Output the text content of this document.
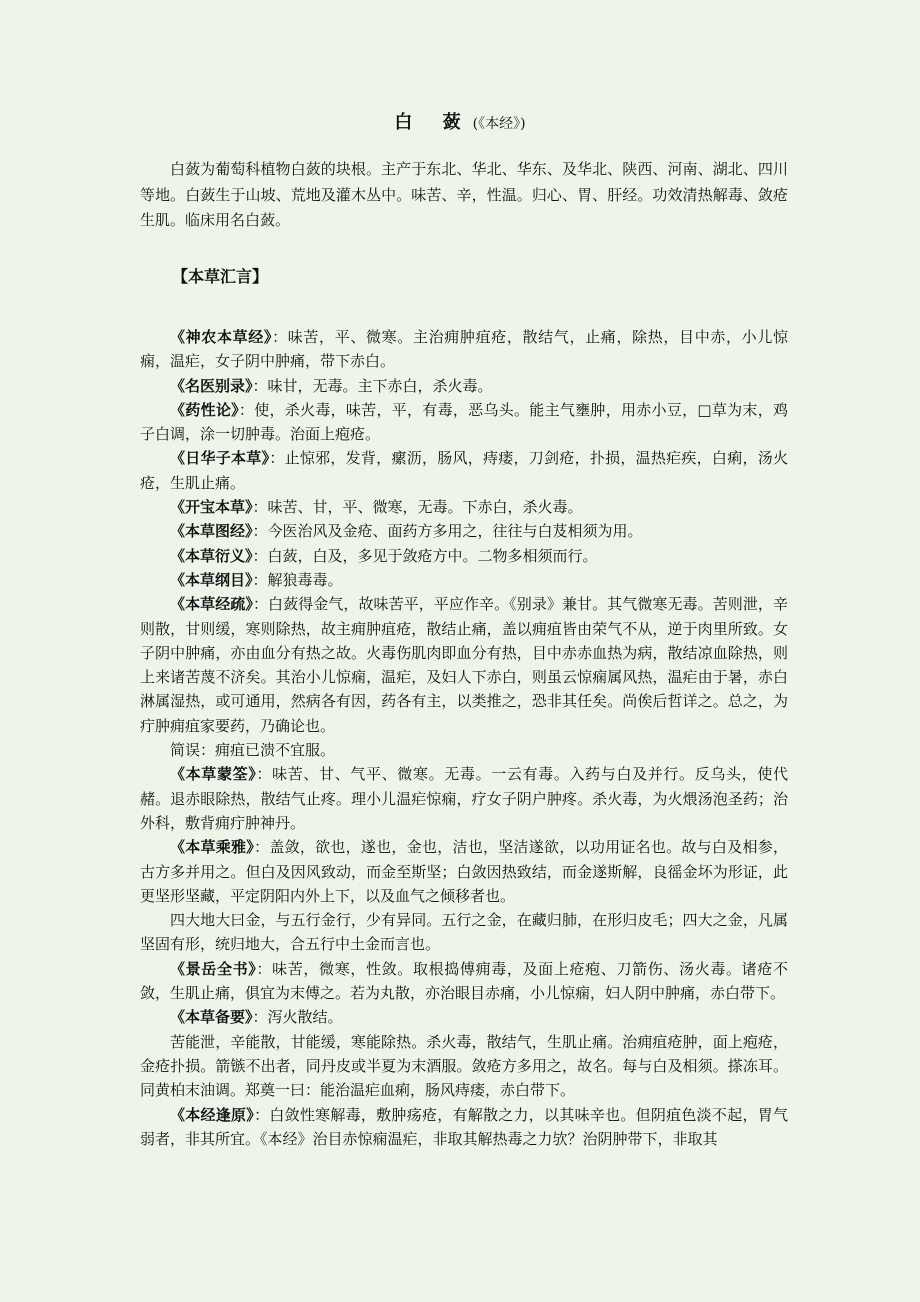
白 蔹(《本经》)

白蔹为葡萄科植物白蔹的块根。主产于东北、华北、华东、及华北、陕西、河南、湖北、四川等地。白蔹生于山坡、荒地及灌木丛中。味苦、辛，性温。归心、胃、肝经。功效清热解毒、敛疮生肌。临床用名白蔹。

【本草汇言】

《神农本草经》：味苦，平、微寒。主治痈肿疽疮，散结气，止痛，除热，目中赤，小儿惊痫，温疟，女子阴中肿痛，带下赤白。

《名医别录》：味甘，无毒。主下赤白，杀火毒。

《药性论》：使，杀火毒，味苦，平，有毒，恶乌头。能主气壅肿，用赤小豆，□草为末，鸡子白调，涂一切肿毒。治面上疱疮。

《日华子本草》：止惊邪，发背，瘰沥，肠风，痔瘘，刀剑疮，扑损，温热疟疾，白痢，汤火疮，生肌止痛。

《开宝本草》：味苦、甘，平、微寒，无毒。下赤白，杀火毒。

《本草图经》：今医治风及金疮、面药方多用之，往往与白芨相须为用。

《本草衍义》：白蔹，白及，多见于敛疮方中。二物多相须而行。

《本草纲目》：解狼毒毒。

《本草经疏》：白蔹得金气，故味苦平，平应作辛。《别录》兼甘。其气微寒无毒。苦则泄，辛则散，甘则缓，寒则除热，故主痈肿疽疮，散结止痛，盖以痈疽皆由荣气不从，逆于肉里所致。女子阴中肿痛，亦由血分有热之故。火毒伤肌肉即血分有热，目中赤赤血热为病，散结凉血除热，则上来诸苦蔑不济矣。其治小儿惊痫，温疟，及妇人下赤白，则虽云惊痫属风热，温疟由于暑，赤白淋属湿热，或可通用，然病各有因，药各有主，以类推之，恐非其任矣。尚俟后哲详之。总之，为疔肿痈疽家要药，乃确论也。

简误：痈疽已溃不宜服。

《本草蒙筌》：味苦、甘、气平、微寒。无毒。一云有毒。入药与白及并行。反乌头，使代赭。退赤眼除热，散结气止疼。理小儿温疟惊痫，疗女子阴户肿疼。杀火毒，为火煨汤泡圣药；治外科，敷背痈疔肿神丹。

《本草乘雅》：盖敛，欲也，遂也，金也，洁也，坚洁遂欲，以功用证名也。故与白及相参，古方多并用之。但白及因风致动，而金至斯坚；白敛因热致结，而金遂斯解，良徭金坏为形证，此更坚形坚藏，平定阴阳内外上下，以及血气之倾移者也。

四大地大曰金，与五行金行，少有异同。五行之金，在藏归肺，在形归皮毛；四大之金，凡属坚固有形，统归地大，合五行中土金而言也。

《景岳全书》：味苦，微寒，性敛。取根捣傅痈毒，及面上疮疱、刀箭伤、汤火毒。诸疮不敛，生肌止痛，俱宜为末傅之。若为丸散，亦治眼目赤痛，小儿惊痫，妇人阴中肿痛，赤白带下。

《本草备要》：泻火散结。

苦能泄，辛能散，甘能缓，寒能除热。杀火毒，散结气，生肌止痛。治痈疽疮肿，面上疱疮，金疮扑损。箭镞不出者，同丹皮或半夏为末酒服。敛疮方多用之，故名。每与白及相须。搽冻耳。同黄柏末油调。郑奠一曰：能治温疟血痢，肠风痔瘘，赤白带下。

《本经逢原》：白敛性寒解毒，敷肿疡疮，有解散之力，以其味辛也。但阴疽色淡不起，胃气弱者，非其所宜。《本经》治目赤惊痫温疟，非取其解热毒之力欤？治阴肿带下，非取其
